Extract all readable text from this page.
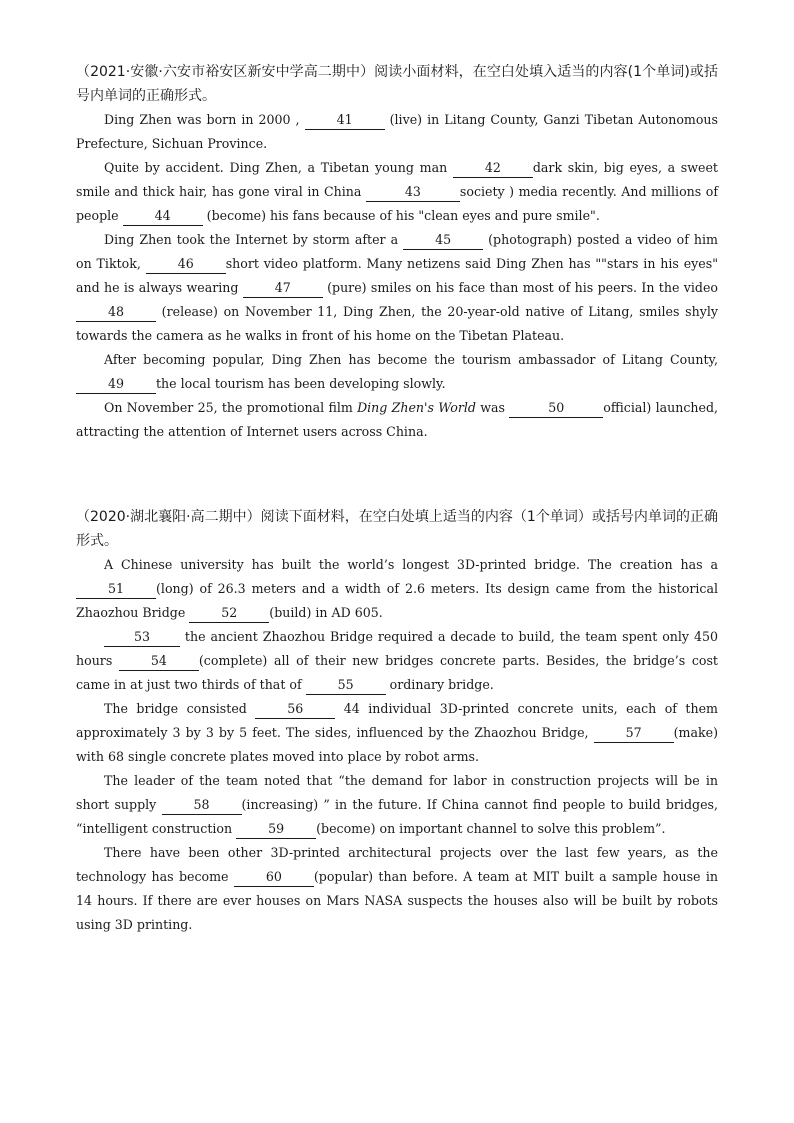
（2021·安徽·六安市裕安区新安中学高二期中）阅读小面材料，在空白处填入适当的内容(1个单词)或括号内单词的正确形式。

Ding Zhen was born in 2000 ,	41	(live) in Litang County, Ganzi Tibetan Autonomous Prefecture, Sichuan Province.

Quite by accident. Ding Zhen, a Tibetan young man	42	dark skin, big eyes, a sweet smile and thick hair, has gone viral in China	43	society ) media recently. And millions of people	44	(become) his fans because of his "clean eyes and pure smile".

Ding Zhen took the Internet by storm after a	45	(photograph) posted a video of him on Tiktok,	46	short video platform. Many netizens said Ding Zhen has ""stars in his eyes" and he is always wearing	47	(pure) smiles on his face than most of his peers. In the video 48	(release) on November 11, Ding Zhen, the 20-year-old native of Litang, smiles shyly towards the camera as he walks in front of his home on the Tibetan Plateau.

After becoming popular, Ding Zhen has become the tourism ambassador of Litang County, 49	the local tourism has been developing slowly.

On November 25, the promotional film Ding Zhen's World was	50	official) launched, attracting the attention of Internet users across China.

（2020·湖北襄阳·高二期中）阅读下面材料，在空白处填上适当的内容（1个单词）或括号内单词的正确形式。

A Chinese university has built the world’s longest 3D-printed bridge. The creation has a 51	(long) of 26.3 meters and a width of 2.6 meters. Its design came from the historical Zhaozhou Bridge	52	(build) in AD 605.

53 the ancient Zhaozhou Bridge required a decade to build, the team spent only 450 hours	54	(complete) all of their new bridges concrete parts. Besides, the bridge’s cost came in at just two thirds of that of	55	ordinary bridge.

The bridge consisted	56	44 individual 3D-printed concrete units, each of them approximately 3 by 3 by 5 feet. The sides, influenced by the Zhaozhou Bridge,	57	(make) with 68 single concrete plates moved into place by robot arms.

The leader of the team noted that “the demand for labor in construction projects will be in short supply	58	(increasing) ” in the future. If China cannot find people to build bridges, “intelligent construction	59	(become) on important channel to solve this problem”.

There have been other 3D-printed architectural projects over the last few years, as the technology has become	60	(popular) than before. A team at MIT built a sample house in 14 hours. If there are ever houses on Mars NASA suspects the houses also will be built by robots using 3D printing.
